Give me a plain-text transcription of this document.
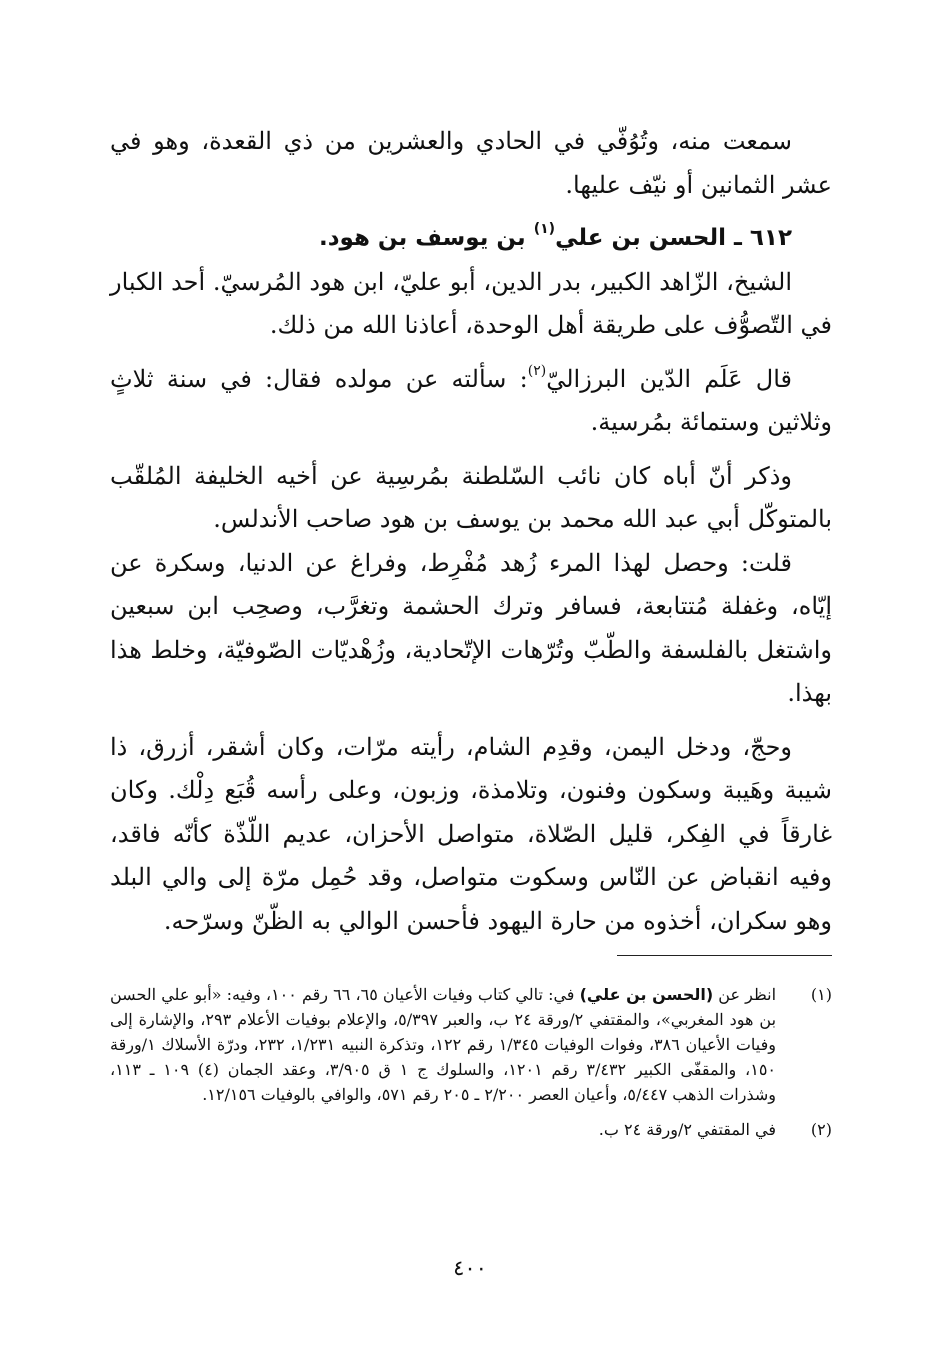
سمعت منه، وتُوُفّي في الحادي والعشرين من ذي القعدة، وهو في عشر الثمانين أو نيّف عليها.

٦١٢ ـ الحسن بن علي$^{(١)}$ بن يوسف بن هود.

الشيخ، الزّاهد الكبير، بدر الدين، أبو عليّ، ابن هود المُرسيّ. أحد الكبار في التّصوُّف على طريقة أهل الوحدة، أعاذنا الله من ذلك.

قال عَلَم الدّين البرزاليّ$^{(٢)}$: سألته عن مولده فقال: في سنة ثلاثٍ وثلاثين وستمائة بمُرسية.

وذكر أنّ أباه كان نائب السّلطنة بمُرسِية عن أخيه الخليفة المُلقّب بالمتوكّل أبي عبد الله محمد بن يوسف بن هود صاحب الأندلس.

قلت: وحصل لهذا المرء زُهد مُفْرِط، وفراغ عن الدنيا، وسكرة عن إيّاه، وغفلة مُتتابعة، فسافر وترك الحشمة وتغرَّب، وصحِب ابن سبعين واشتغل بالفلسفة والطّبّ وتُرّهات الإتّحادية، وزُهْديّات الصّوفيّة، وخلط هذا بهذا.

وحجّ، ودخل اليمن، وقدِم الشام، رأيته مرّات، وكان أشقر، أزرق، ذا شيبة وهَيبة وسكون وفنون، وتلامذة، وزبون، وعلى رأسه قُبَع دِلْك. وكان غارقاً في الفِكر، قليل الصّلاة، متواصل الأحزان، عديم اللّذّة كأنّه فاقد، وفيه انقباض عن النّاس وسكوت متواصل، وقد حُمِل مرّة إلى والي البلد وهو سكران، أخذوه من حارة اليهود فأحسن الوالي به الظّنّ وسرّحه.

(١)
انظر عن (الحسن بن علي) في: تالي كتاب وفيات الأعيان ٦٥، ٦٦ رقم ١٠٠، وفيه: «أبو علي الحسن بن هود المغربي»، والمقتفي ٢/ورقة ٢٤ ب، والعبر ٥/٣٩٧، والإعلام بوفيات الأعلام ٢٩٣، والإشارة إلى وفيات الأعيان ٣٨٦، وفوات الوفيات ١/٣٤٥ رقم ١٢٢، وتذكرة النبيه ١/٢٣١، ٢٣٢، ودرّة الأسلاك ١/ورقة ١٥٠، والمقفّى الكبير ٣/٤٣٢ رقم ١٢٠١، والسلوك ج ١ ق ٣/٩٠٥، وعقد الجمان (٤) ١٠٩ ـ ١١٣، وشذرات الذهب ٥/٤٤٧، وأعيان العصر ٢/٢٠٠ ـ ٢٠٥ رقم ٥٧١، والوافي بالوفيات ١٢/١٥٦.
(٢)
في المقتفي ٢/ورقة ٢٤ ب.
٤٠٠
